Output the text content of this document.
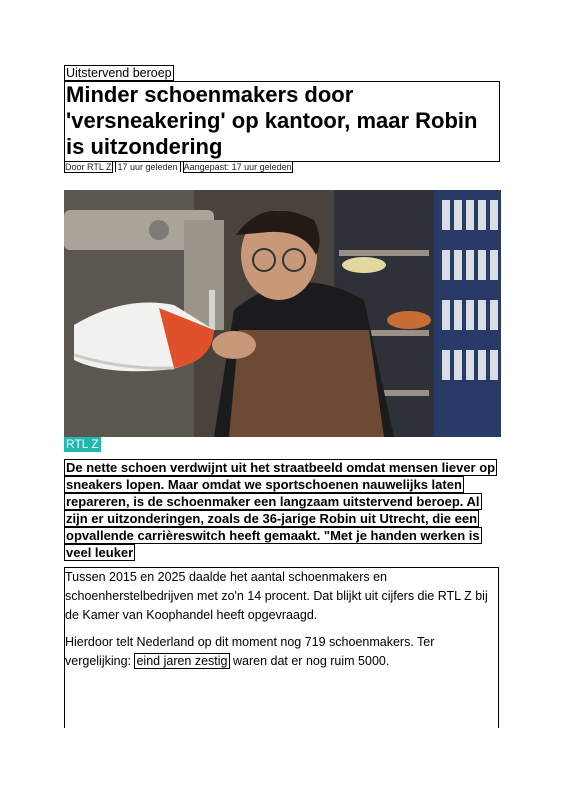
Uitstervend beroep
Minder schoenmakers door 'versneakering' op kantoor, maar Robin is uitzondering
Door RTL Z 17 uur geleden Aangepast: 17 uur geleden
RTL Z

De nette schoen verdwijnt uit het straatbeeld omdat mensen liever op sneakers lopen. Maar omdat we sportschoenen nauwelijks laten repareren, is de schoenmaker een langzaam uitstervend beroep. Al zijn er uitzonderingen, zoals de 36-jarige Robin uit Utrecht, die een opvallende carrièreswitch heeft gemaakt. "Met je handen werken is veel leuker

Tussen 2015 en 2025 daalde het aantal schoenmakers en schoenherstelbedrijven met zo'n 14 procent. Dat blijkt uit cijfers die RTL Z bij de Kamer van Koophandel heeft opgevraagd.

Hierdoor telt Nederland op dit moment nog 719 schoenmakers. Ter vergelijking: eind jaren zestig waren dat er nog ruim 5000.
